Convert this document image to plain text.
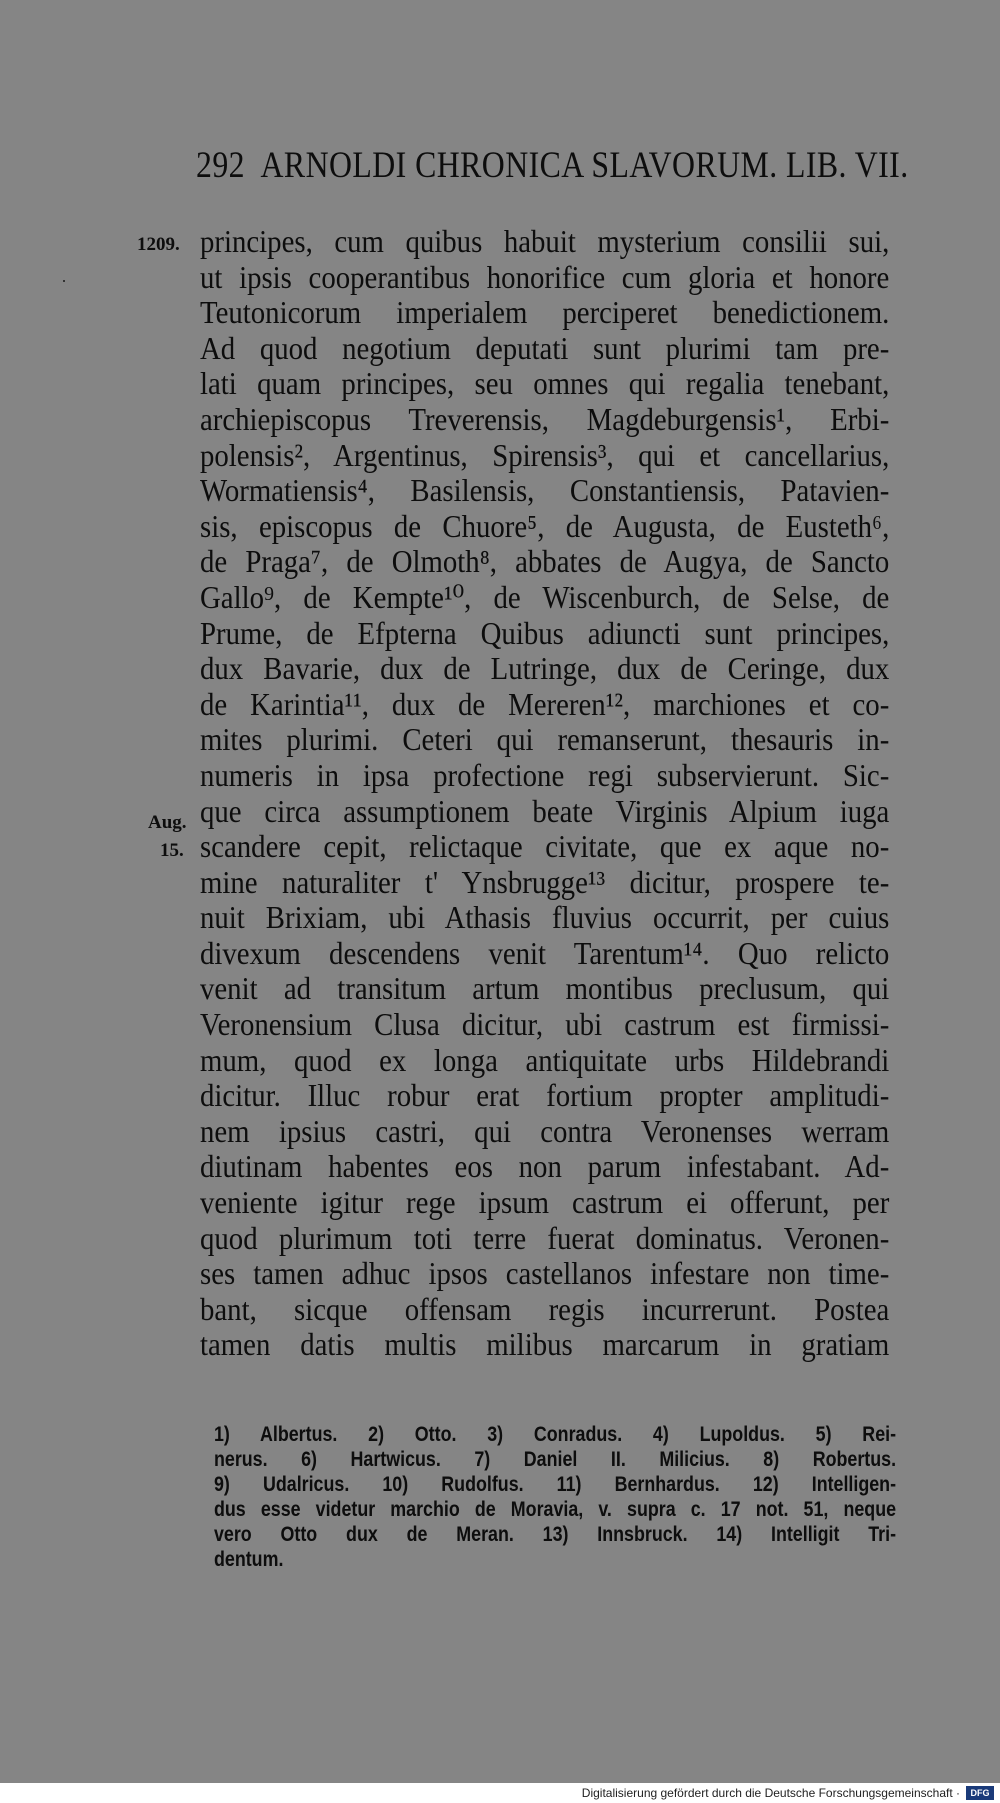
292 ARNOLDI CHRONICA SLAVORUM. LIB. VII.
1209.
Aug.
15.
principes, cum quibus habuit mysterium consilii sui,
ut ipsis cooperantibus honorifice cum gloria et honore
Teutonicorum imperialem perciperet benedictionem.
Ad quod negotium deputati sunt plurimi tam pre-
lati quam principes, seu omnes qui regalia tenebant,
archiepiscopus Treverensis, Magdeburgensis¹, Erbi-
polensis², Argentinus, Spirensis³, qui et cancellarius,
Wormatiensis⁴, Basilensis, Constantiensis, Patavien-
sis, episcopus de Chuore⁵, de Augusta, de Eusteth⁶,
de Praga⁷, de Olmoth⁸, abbates de Augya, de Sancto
Gallo⁹, de Kempte¹⁰, de Wiscenburch, de Selse, de
Prume, de Efpterna Quibus adiuncti sunt principes,
dux Bavarie, dux de Lutringe, dux de Ceringe, dux
de Karintia¹¹, dux de Mereren¹², marchiones et co-
mites plurimi. Ceteri qui remanserunt, thesauris in-
numeris in ipsa profectione regi subservierunt. Sic-
que circa assumptionem beate Virginis Alpium iuga
scandere cepit, relictaque civitate, que ex aque no-
mine naturaliter t' Ynsbrugge¹³ dicitur, prospere te-
nuit Brixiam, ubi Athasis fluvius occurrit, per cuius
divexum descendens venit Tarentum¹⁴. Quo relicto
venit ad transitum artum montibus preclusum, qui
Veronensium Clusa dicitur, ubi castrum est firmissi-
mum, quod ex longa antiquitate urbs Hildebrandi
dicitur. Illuc robur erat fortium propter amplitudi-
nem ipsius castri, qui contra Veronenses werram
diutinam habentes eos non parum infestabant. Ad-
veniente igitur rege ipsum castrum ei offerunt, per
quod plurimum toti terre fuerat dominatus. Veronen-
ses tamen adhuc ipsos castellanos infestare non time-
bant, sicque offensam regis incurrerunt. Postea
tamen datis multis milibus marcarum in gratiam
1) Albertus. 2) Otto. 3) Conradus. 4) Lupoldus. 5) Rei-
nerus. 6) Hartwicus. 7) Daniel II. Milicius. 8) Robertus.
9) Udalricus. 10) Rudolfus. 11) Bernhardus. 12) Intelligen-
dus esse videtur marchio de Moravia, v. supra c. 17 not. 51, neque
vero Otto dux de Meran. 13) Innsbruck. 14) Intelligit Tri-
dentum.
Digitalisierung gefördert durch die Deutsche Forschungsgemeinschaft ·	DFG
